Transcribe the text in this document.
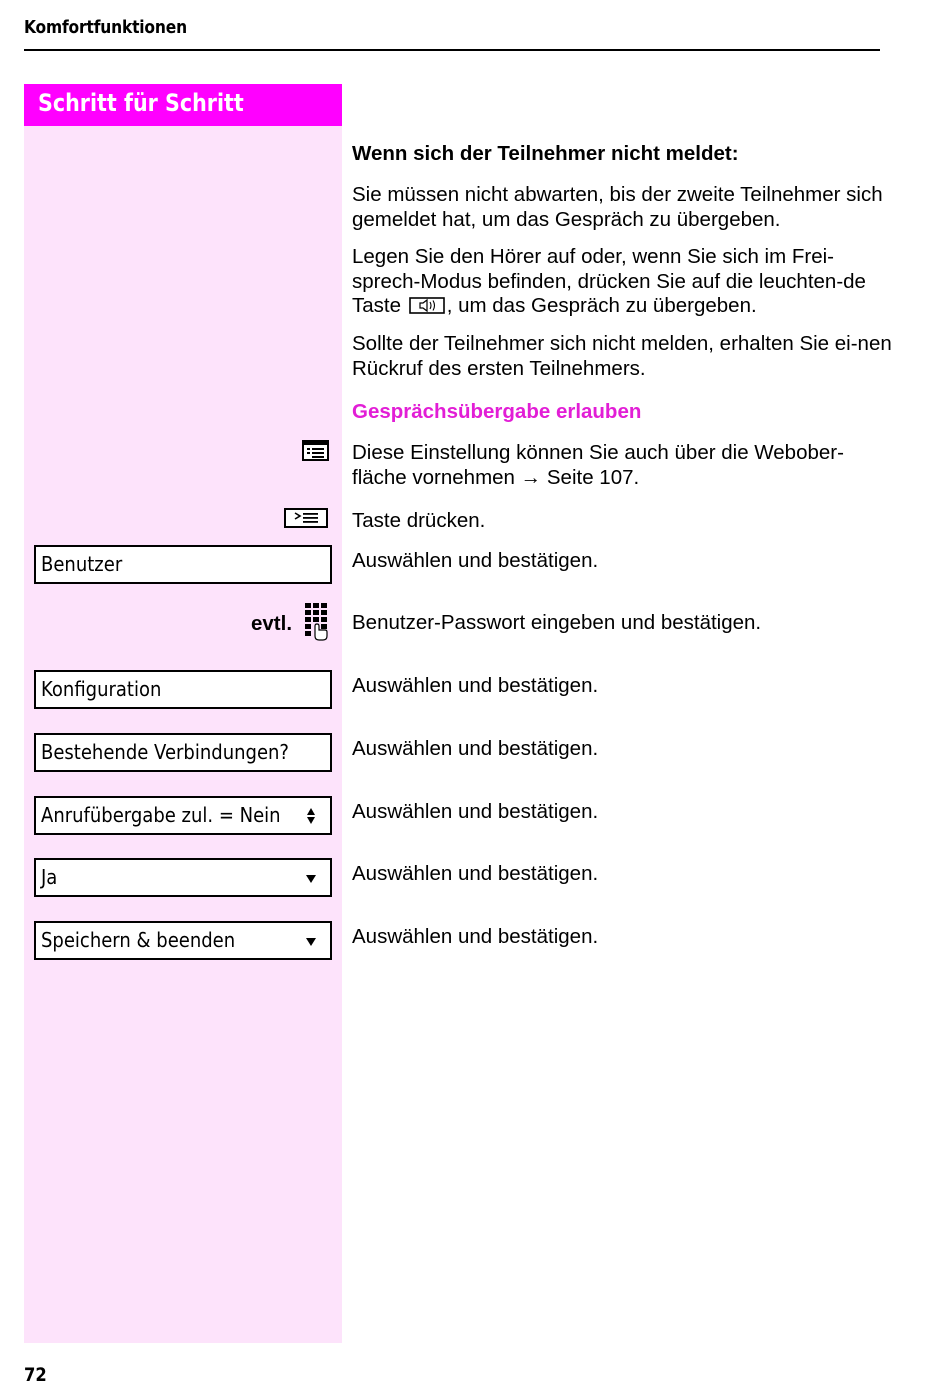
Komfortfunktionen
Schritt für Schritt
evtl.
Benutzer
Konfiguration
Bestehende Verbindungen?
Anrufübergabe zul. = Nein
Ja
Speichern & beenden
Wenn sich der Teilnehmer nicht meldet:
Sie müssen nicht abwarten, bis der zweite Teilnehmer sich gemeldet hat, um das Gespräch zu übergeben.
Legen Sie den Hörer auf oder, wenn Sie sich im Frei-sprech-Modus befinden, drücken Sie auf die leuchten-de Taste , um das Gespräch zu übergeben.
Sollte der Teilnehmer sich nicht melden, erhalten Sie ei-nen Rückruf des ersten Teilnehmers.
Gesprächsübergabe erlauben
Diese Einstellung können Sie auch über die Webober-fläche vornehmen → Seite 107.
Taste drücken.
Auswählen und bestätigen.
Benutzer-Passwort eingeben und bestätigen.
Auswählen und bestätigen.
Auswählen und bestätigen.
Auswählen und bestätigen.
Auswählen und bestätigen.
Auswählen und bestätigen.
72
